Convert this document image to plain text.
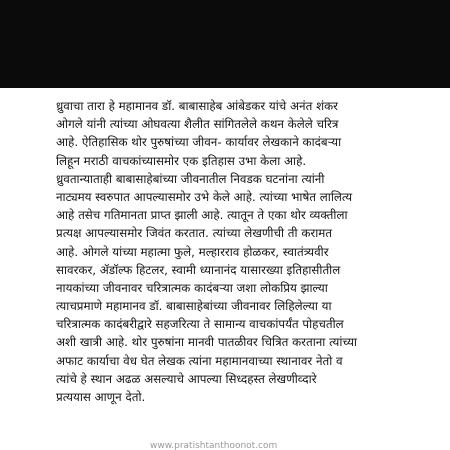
ध्रुवाचा तारा हे महामानव डॉ. बाबासाहेब आंबेडकर यांचे अनंत शंकर
ओगले यांनी त्यांच्या ओघवत्या शैलीत सांगितलेले कथन केलेले चरित्र
आहे. ऐतिहासिक थोर पुरुषांच्या जीवन- कार्यावर लेखकाने कादंबऱ्या
लिहून मराठी वाचकांच्यासमोर एक इतिहास उभा केला आहे.
ध्रुवतान्याताही बाबासाहेबांच्या जीवनातील निवडक घटनांना त्यांनी
नाट्यमय स्वरुपात आपल्यासमोर उभे केले आहे. त्यांच्या भाषेत लालित्य
आहे तसेच गतिमानता प्राप्त झाली आहे. त्यातून ते एका थोर व्यक्तीला
प्रत्यक्ष आपल्यासमोर जिवंत करतात. त्यांच्या लेखणीची ती करामत
आहे. ओगले यांच्या महात्मा फुले, मल्हारराव होळकर, स्वातंत्र्यवीर
सावरकर, ॲडॉल्फ हिटलर, स्वामी ध्यानानंद यासारख्या इतिहासीतील
नायकांच्या जीवनावर चरित्रात्मक कादंबऱ्या जशा लोकप्रिय झाल्या
त्याचप्रमाणे महामानव डॉ. बाबासाहेबांच्या जीवनावर लिहिलेल्या या
चरित्रात्मक कादंबरीद्वारे सहजरित्या ते सामान्य वाचकांपर्यंत पोहचतील
अशी खात्री आहे. थोर पुरुषांना मानवी पातळीवर चित्रित करताना त्यांच्या
अफाट कार्याचा वेध घेत लेखक त्यांना महामानवाच्या स्थानावर नेतो व
त्यांचे हे स्थान अढळ असल्याचे आपल्या सिध्दहस्त लेखणीव्दारे
प्रत्ययास आणून देतो.
www.pratishtanthoonot.com
